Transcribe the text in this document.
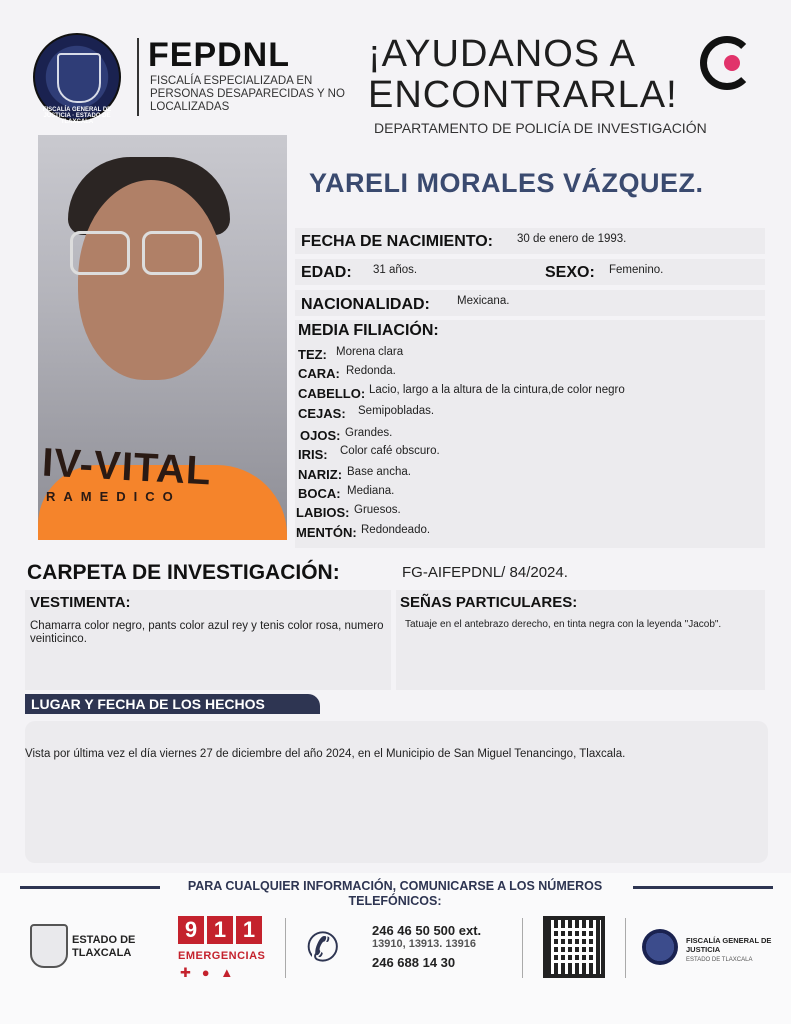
FISCALÍA GENERAL DE JUSTICIA · ESTADO DE TLAXCALA
FEPDNL
FISCALÍA ESPECIALIZADA EN PERSONAS DESAPARECIDAS Y NO LOCALIZADAS
¡AYUDANOS A
ENCONTRARLA!
DEPARTAMENTO DE POLICÍA DE INVESTIGACIÓN
IV-VITAL
RAMEDICO
YARELI MORALES VÁZQUEZ.
FECHA DE NACIMIENTO: 30 de enero de 1993.
EDAD: 31 años.	SEXO: Femenino.
NACIONALIDAD: Mexicana.
MEDIA FILIACIÓN:
TEZ: Morena clara
CARA: Redonda.
CABELLO: Lacio, largo a la altura de la cintura,de color negro
CEJAS: Semipobladas.
OJOS: Grandes.
IRIS: Color café obscuro.
NARIZ: Base ancha.
BOCA: Mediana.
LABIOS: Gruesos.
MENTÓN: Redondeado.
CARPETA DE INVESTIGACIÓN:	FG-AIFEPDNL/ 84/2024.
VESTIMENTA:
Chamarra color negro, pants color azul rey y tenis color rosa, numero veinticinco.
SEÑAS PARTICULARES:
Tatuaje en el antebrazo derecho, en tinta negra con la leyenda "Jacob".
LUGAR Y FECHA DE LOS HECHOS
Vista por última vez el día viernes 27 de diciembre del año 2024, en el Municipio de San Miguel Tenancingo, Tlaxcala.
PARA CUALQUIER INFORMACIÓN, COMUNICARSE A LOS NÚMEROS TELEFÓNICOS:
ESTADO DE TLAXCALA
9 1 1
EMERGENCIAS
✚   ●   ▲
✆ 246 46 50 500 ext.
13910, 13913. 13916
246 688 14 30
FISCALÍA GENERAL DE JUSTICIA
ESTADO DE TLAXCALA
